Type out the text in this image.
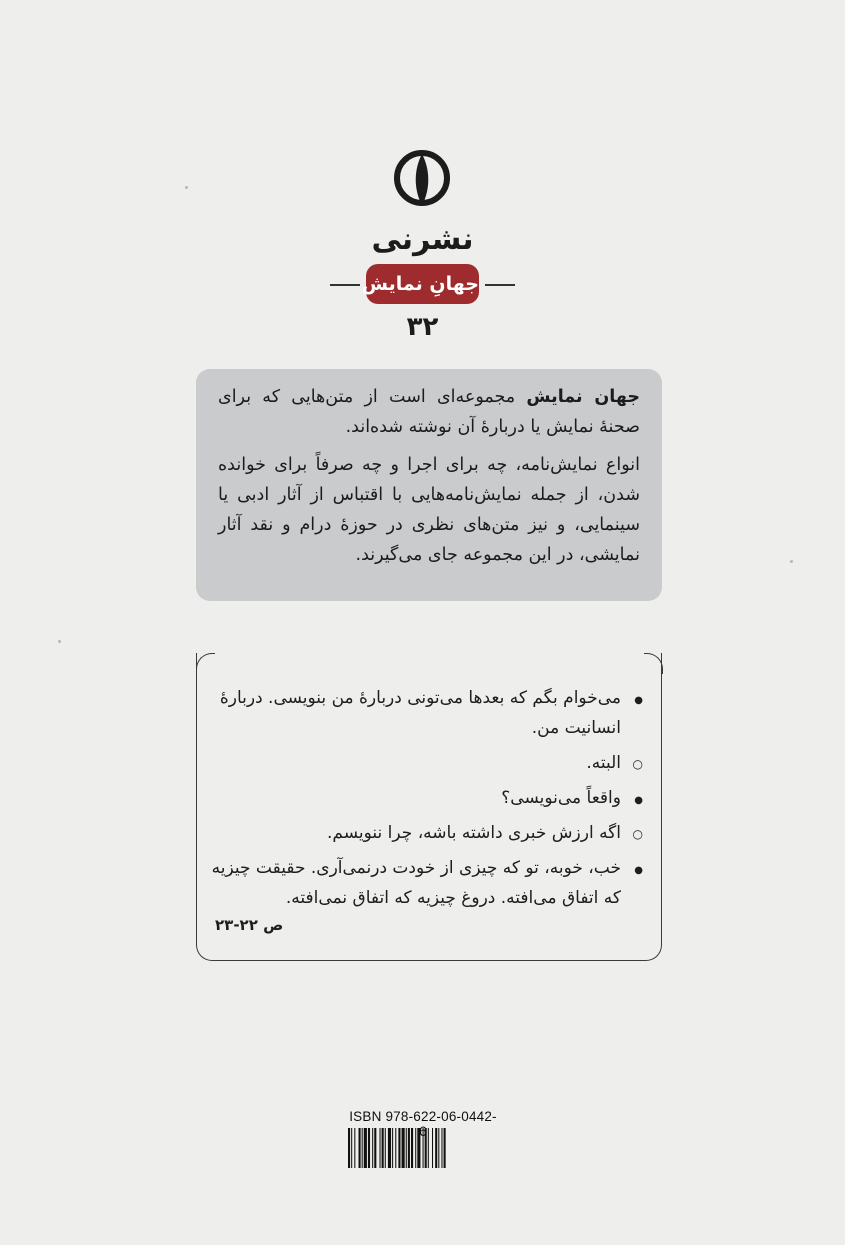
نشرنی
جهانِ نمایش
۳۲

جهان نمایش مجموعه‌ای است از متن‌هایی که برای صحنهٔ نمایش یا دربارهٔ آن نوشته شده‌اند.

انواع نمایش‌نامه، چه برای اجرا و چه صرفاً برای خوانده شدن، از جمله نمایش‌نامه‌هایی با اقتباس از آثار ادبی یا سینمایی، و نیز متن‌های نظری در حوزهٔ درام و نقد آثار نمایشی، در این مجموعه جای می‌گیرند.

●
می‌خوام بگم که بعدها می‌تونی دربارهٔ من بنویسی. دربارهٔ انسانیت من.
○
البته.
●
واقعاً می‌نویسی؟
○
اگه ارزش خبری داشته باشه، چرا ننویسم.
●
خب، خوبه، تو که چیزی از خودت درنمی‌آری. حقیقت چیزیه که اتفاق می‌افته. دروغ چیزیه که اتفاق نمی‌افته.
ص ۲۲-۲۳
ISBN 978-622-06-0442-6
